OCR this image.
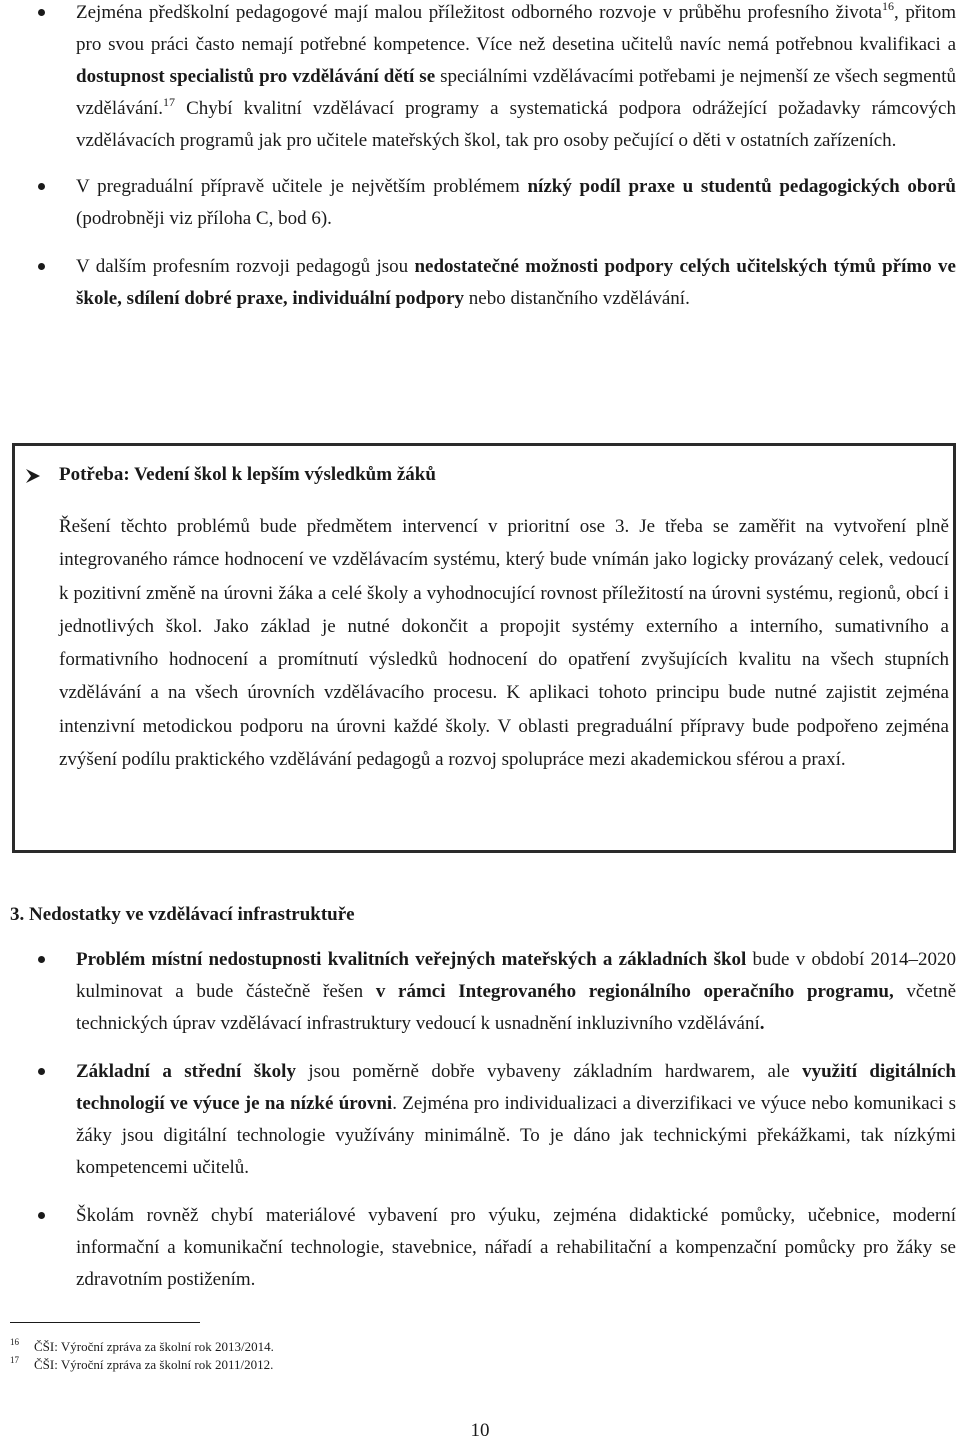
Zejména předškolní pedagogové mají malou příležitost odborného rozvoje v průběhu profesního života$^{16}$, přitom pro svou práci často nemají potřebné kompetence. Více než desetina učitelů navíc nemá potřebnou kvalifikaci a dostupnost specialistů pro vzdělávání dětí se speciálními vzdělávacími potřebami je nejmenší ze všech segmentů vzdělávání.$^{17}$ Chybí kvalitní vzdělávací programy a systematická podpora odrážející požadavky rámcových vzdělávacích programů jak pro učitele mateřských škol, tak pro osoby pečující o děti v ostatních zařízeních.

V pregraduální přípravě učitele je největším problémem nízký podíl praxe u studentů pedagogických oborů (podrobněji viz příloha C, bod 6).

V dalším profesním rozvoji pedagogů jsou nedostatečné možnosti podpory celých učitelských týmů přímo ve škole, sdílení dobré praxe, individuální podpory nebo distančního vzdělávání.

Potřeba: Vedení škol k lepším výsledkům žáků

Řešení těchto problémů bude předmětem intervencí v prioritní ose 3. Je třeba se zaměřit na vytvoření plně integrovaného rámce hodnocení ve vzdělávacím systému, který bude vnímán jako logicky provázaný celek, vedoucí k pozitivní změně na úrovni žáka a celé školy a vyhodnocující rovnost příležitostí na úrovni systému, regionů, obcí i jednotlivých škol. Jako základ je nutné dokončit a propojit systémy externího a interního, sumativního a formativního hodnocení a promítnutí výsledků hodnocení do opatření zvyšujících kvalitu na všech stupních vzdělávání a na všech úrovních vzdělávacího procesu. K aplikaci tohoto principu bude nutné zajistit zejména intenzivní metodickou podporu na úrovni každé školy. V oblasti pregraduální přípravy bude podpořeno zejména zvýšení podílu praktického vzdělávání pedagogů a rozvoj spolupráce mezi akademickou sférou a praxí.

3. Nedostatky ve vzdělávací infrastruktuře

Problém místní nedostupnosti kvalitních veřejných mateřských a základních škol bude v období 2014–2020 kulminovat a bude částečně řešen v rámci Integrovaného regionálního operačního programu, včetně technických úprav vzdělávací infrastruktury vedoucí k usnadnění inkluzivního vzdělávání.

Základní a střední školy jsou poměrně dobře vybaveny základním hardwarem, ale využití digitálních technologií ve výuce je na nízké úrovni. Zejména pro individualizaci a diverzifikaci ve výuce nebo komunikaci s žáky jsou digitální technologie využívány minimálně. To je dáno jak technickými překážkami, tak nízkými kompetencemi učitelů.

Školám rovněž chybí materiálové vybavení pro výuku, zejména didaktické pomůcky, učebnice, moderní informační a komunikační technologie, stavebnice, nářadí a rehabilitační a kompenzační pomůcky pro žáky se zdravotním postižením.

16 ČŠI: Výroční zpráva za školní rok 2013/2014.
17 ČŠI: Výroční zpráva za školní rok 2011/2012.
10
